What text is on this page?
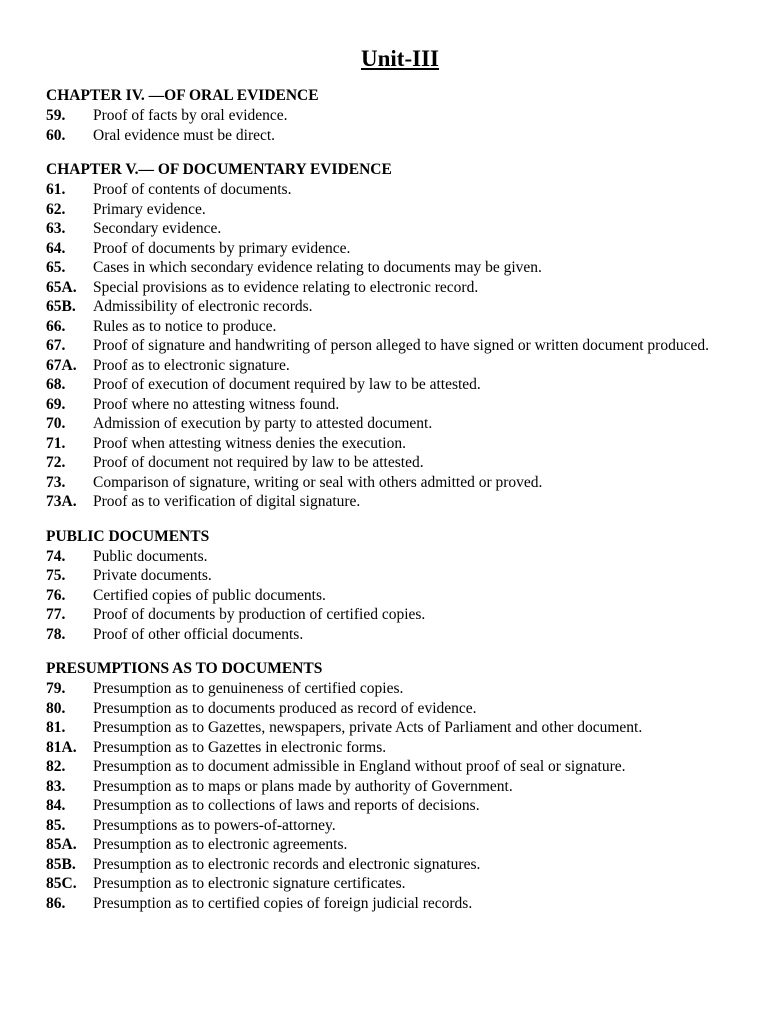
Unit-III
CHAPTER IV. —OF ORAL EVIDENCE
59.	Proof of facts by oral evidence.
60.	Oral evidence must be direct.
CHAPTER V.— OF DOCUMENTARY EVIDENCE
61.	Proof of contents of documents.
62.	Primary evidence.
63.	Secondary evidence.
64.	Proof of documents by primary evidence.
65.	Cases in which secondary evidence relating to documents may be given.
65A.	Special provisions as to evidence relating to electronic record.
65B.	Admissibility of electronic records.
66.	Rules as to notice to produce.
67.	Proof of signature and handwriting of person alleged to have signed or written document produced.
67A.	Proof as to electronic signature.
68.	Proof of execution of document required by law to be attested.
69.	Proof where no attesting witness found.
70.	Admission of execution by party to attested document.
71.	Proof when attesting witness denies the execution.
72.	Proof of document not required by law to be attested.
73.	Comparison of signature, writing or seal with others admitted or proved.
73A.	Proof as to verification of digital signature.
PUBLIC DOCUMENTS
74.	Public documents.
75.	Private documents.
76.	Certified copies of public documents.
77.	Proof of documents by production of certified copies.
78.	Proof of other official documents.
PRESUMPTIONS AS TO DOCUMENTS
79.	Presumption as to genuineness of certified copies.
80.	Presumption as to documents produced as record of evidence.
81.	Presumption as to Gazettes, newspapers, private Acts of Parliament and other document.
81A.	Presumption as to Gazettes in electronic forms.
82.	Presumption as to document admissible in England without proof of seal or signature.
83.	Presumption as to maps or plans made by authority of Government.
84.	Presumption as to collections of laws and reports of decisions.
85.	Presumptions as to powers-of-attorney.
85A.	Presumption as to electronic agreements.
85B.	Presumption as to electronic records and electronic signatures.
85C.	Presumption as to electronic signature certificates.
86.	Presumption as to certified copies of foreign judicial records.
